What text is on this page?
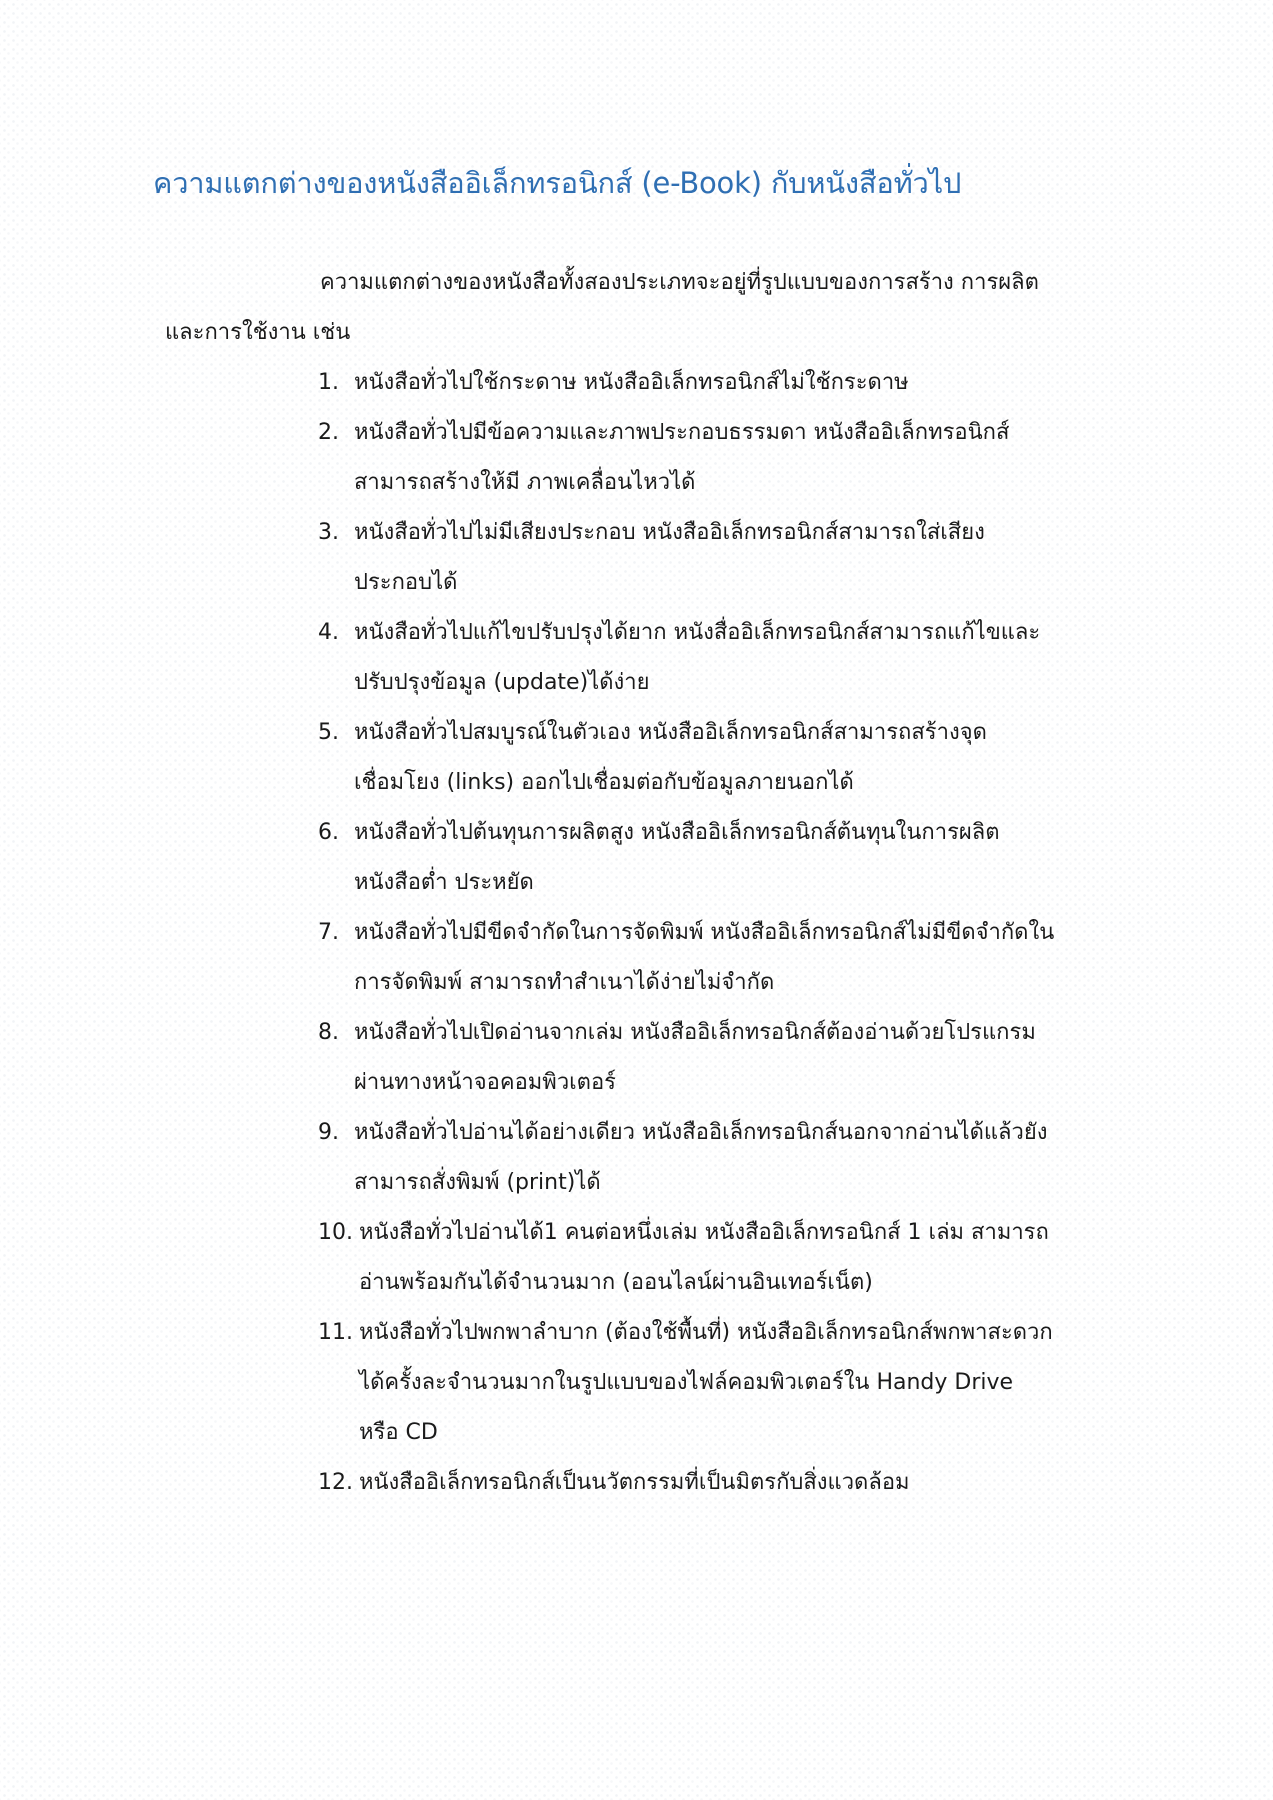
ความแตกต่างของหนังสืออิเล็กทรอนิกส์ (e-Book) กับหนังสือทั่วไป

ความแตกต่างของหนังสือทั้งสองประเภทจะอยู่ที่รูปแบบของการสร้าง การผลิต
และการใช้งาน เช่น

1. หนังสือทั่วไปใช้กระดาษ หนังสืออิเล็กทรอนิกส์ไม่ใช้กระดาษ
2. หนังสือทั่วไปมีข้อความและภาพประกอบธรรมดา หนังสืออิเล็กทรอนิกส์
สามารถสร้างให้มี ภาพเคลื่อนไหวได้
3. หนังสือทั่วไปไม่มีเสียงประกอบ หนังสืออิเล็กทรอนิกส์สามารถใส่เสียง
ประกอบได้
4. หนังสือทั่วไปแก้ไขปรับปรุงได้ยาก หนังสื่ออิเล็กทรอนิกส์สามารถแก้ไขและ
ปรับปรุงข้อมูล (update)ได้ง่าย
5. หนังสือทั่วไปสมบูรณ์ในตัวเอง หนังสืออิเล็กทรอนิกส์สามารถสร้างจุด
เชื่อมโยง (links) ออกไปเชื่อมต่อกับข้อมูลภายนอกได้
6. หนังสือทั่วไปต้นทุนการผลิตสูง หนังสืออิเล็กทรอนิกส์ต้นทุนในการผลิต
หนังสือต่ำ ประหยัด
7. หนังสือทั่วไปมีขีดจำกัดในการจัดพิมพ์ หนังสืออิเล็กทรอนิกส์ไม่มีขีดจำกัดใน
การจัดพิมพ์ สามารถทำสำเนาได้ง่ายไม่จำกัด
8. หนังสือทั่วไปเปิดอ่านจากเล่ม หนังสืออิเล็กทรอนิกส์ต้องอ่านด้วยโปรแกรม
ผ่านทางหน้าจอคอมพิวเตอร์
9. หนังสือทั่วไปอ่านได้อย่างเดียว หนังสืออิเล็กทรอนิกส์นอกจากอ่านได้แล้วยัง
สามารถสั่งพิมพ์ (print)ได้
10. หนังสือทั่วไปอ่านได้1 คนต่อหนึ่งเล่ม หนังสืออิเล็กทรอนิกส์ 1 เล่ม สามารถ
อ่านพร้อมกันได้จำนวนมาก (ออนไลน์ผ่านอินเทอร์เน็ต)
11. หนังสือทั่วไปพกพาลำบาก (ต้องใช้พื้นที่) หนังสืออิเล็กทรอนิกส์พกพาสะดวก
ได้ครั้งละจำนวนมากในรูปแบบของไฟล์คอมพิวเตอร์ใน Handy Drive
หรือ CD
12. หนังสืออิเล็กทรอนิกส์เป็นนวัตกรรมที่เป็นมิตรกับสิ่งแวดล้อม
